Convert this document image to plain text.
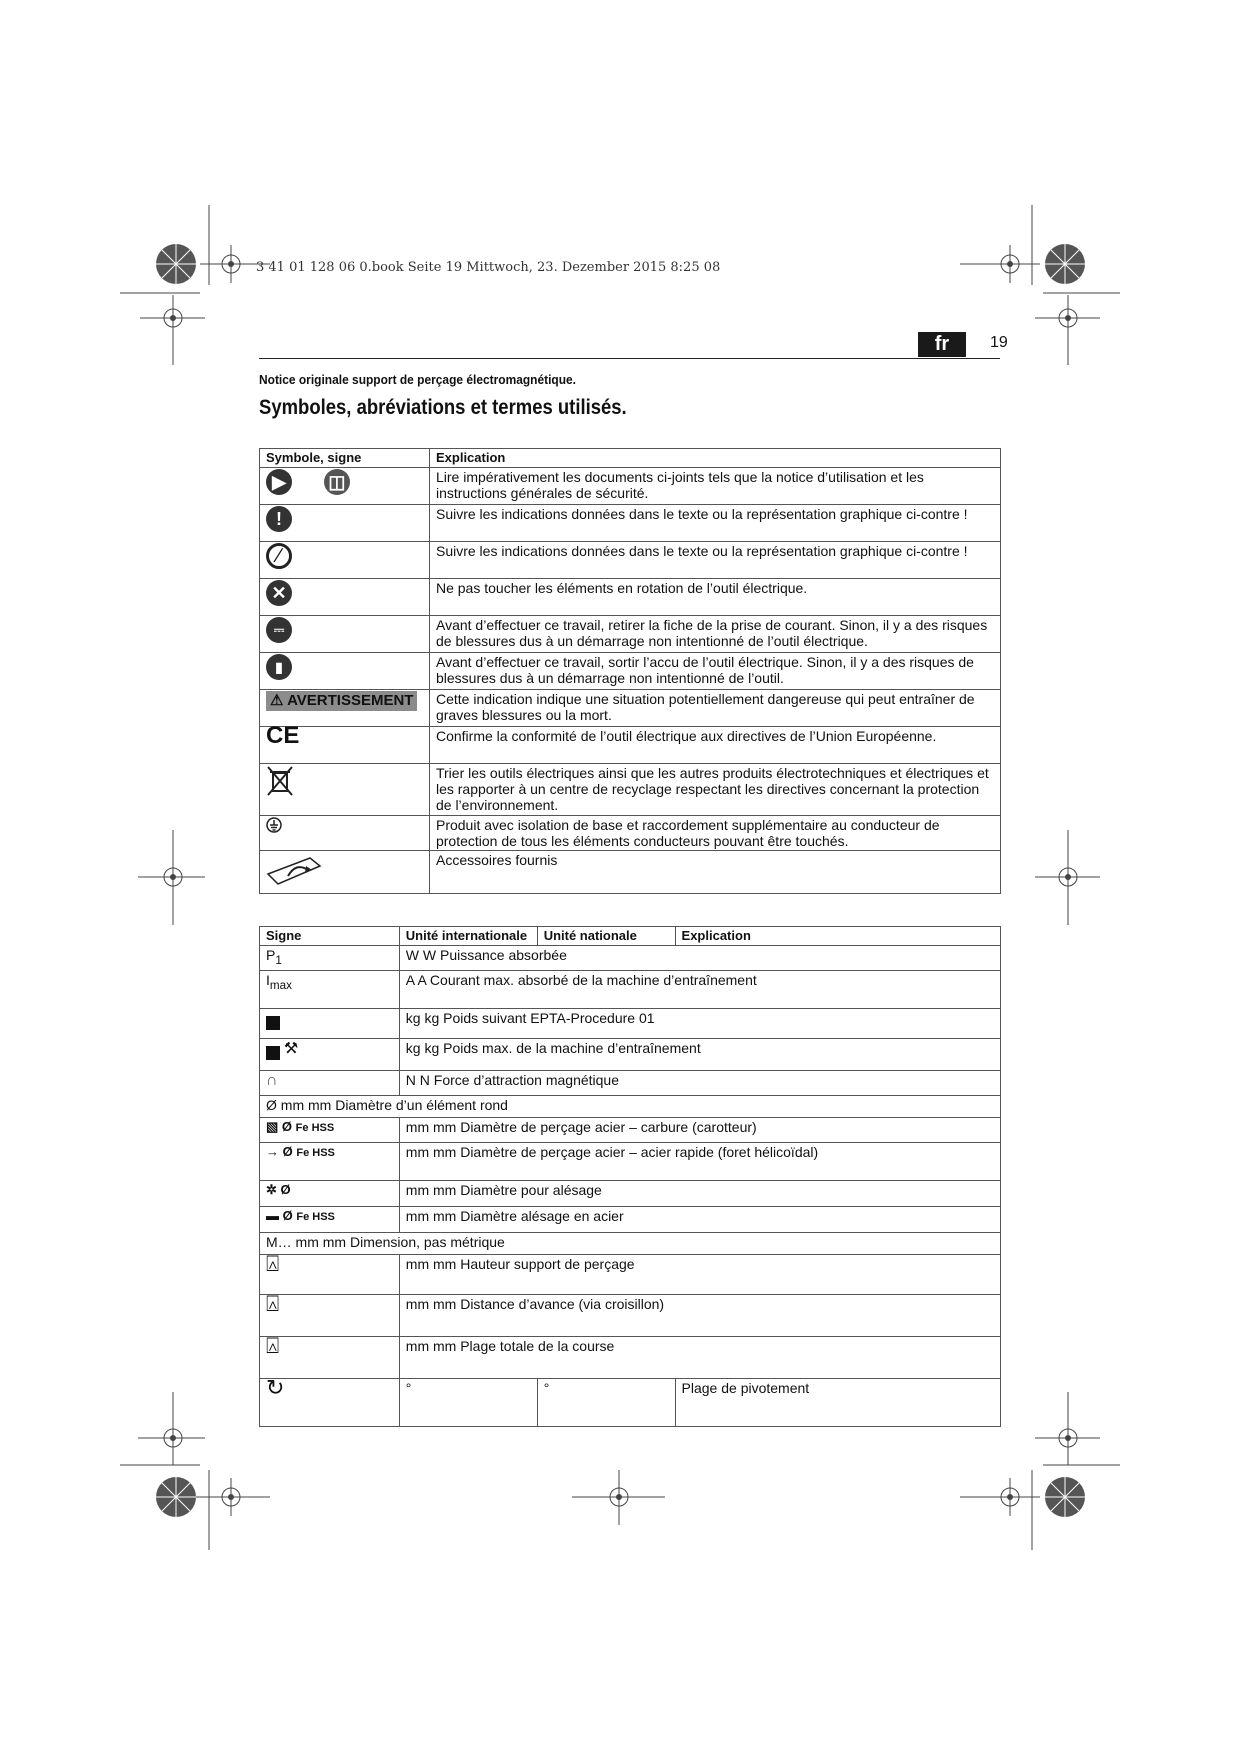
3 41 01 128 06 0.book Seite 19 Mittwoch, 23. Dezember 2015 8:25 08
fr	19
Notice originale support de perçage électromagnétique.
Symboles, abréviations et termes utilisés.
Symbole, signe	Explication
▶ ◫	Lire impérativement les documents ci-joints tels que la notice d’utilisation et les instructions générales de sécurité.
!	Suivre les indications données dans le texte ou la représentation graphique ci-contre !
∕	Suivre les indications données dans le texte ou la représentation graphique ci-contre !
✕	Ne pas toucher les éléments en rotation de l’outil électrique.
⎓	Avant d’effectuer ce travail, retirer la fiche de la prise de courant. Sinon, il y a des risques de blessures dus à un démarrage non intentionné de l’outil électrique.
▮	Avant d’effectuer ce travail, sortir l’accu de l’outil électrique. Sinon, il y a des risques de blessures dus à un démarrage non intentionné de l’outil.
⚠ AVERTISSEMENT	Cette indication indique une situation potentiellement dangereuse qui peut entraîner de graves blessures ou la mort.
CE	Confirme la conformité de l’outil électrique aux directives de l’Union Européenne.
	Trier les outils électriques ainsi que les autres produits électrotechniques et électriques et les rapporter à un centre de recyclage respectant les directives concernant la protection de l’environnement.
	Produit avec isolation de base et raccordement supplémentaire au conducteur de protection de tous les éléments conducteurs pouvant être touchés.
	Accessoires fournis
Signe	Unité internationale	Unité nationale	Explication
$P_1$	W W Puissance absorbée		
$I_{max}$	A A Courant max. absorbé de la machine d’entraînement		
	kg kg Poids suivant EPTA-Procedure 01		
⚒	kg kg Poids max. de la machine d’entraînement		
∩	N N Force d’attraction magnétique		
Ø mm mm Diamètre d’un élément rond			
▧ Ø Fe HSS	mm mm Diamètre de perçage acier – carbure (carotteur)		
→ Ø Fe HSS	mm mm Diamètre de perçage acier – acier rapide (foret hélicoïdal)		
✲ Ø	mm mm Diamètre pour alésage		
▬ Ø Fe HSS	mm mm Diamètre alésage en acier		
M… mm mm Dimension, pas métrique			
⍓	mm mm Hauteur support de perçage		
⍓	mm mm Distance d’avance (via croisillon)		
⍓	mm mm Plage totale de la course		
↻	°	°	Plage de pivotement
